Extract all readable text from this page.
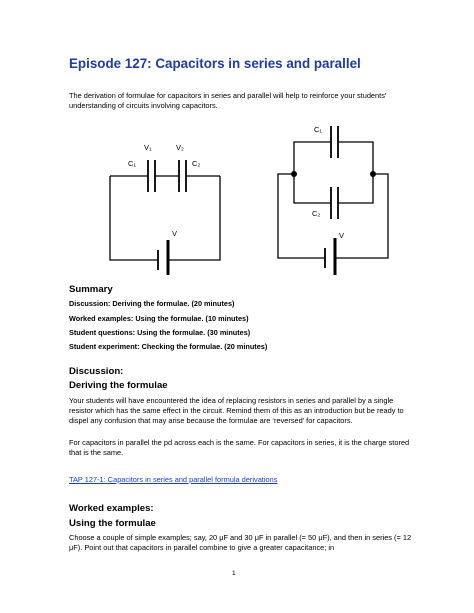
Episode 127: Capacitors in series and parallel
The derivation of formulae for capacitors in series and parallel will help to reinforce your students’ understanding of circuits involving capacitors.
V₁	V₂
C₁	C₂
V
C₁
C₂
V
Summary
Discussion: Deriving the formulae. (20 minutes)
Worked examples: Using the formulae. (10 minutes)
Student questions: Using the formulae. (30 minutes)
Student experiment: Checking the formulae. (20 minutes)
Discussion:
Deriving the formulae
Your students will have encountered the idea of replacing resistors in series and parallel by a single resistor which has the same effect in the circuit. Remind them of this as an introduction but be ready to dispel any confusion that may arise because the formulae are ‘reversed’ for capacitors.
For capacitors in parallel the pd across each is the same. For capacitors in series, it is the charge stored that is the same.
TAP 127-1: Capacitors in series and parallel formula derivations
Worked examples:
Using the formulae
Choose a couple of simple examples; say, 20 μF and 30 μF in parallel (= 50 μF), and then in series (= 12 μF). Point out that capacitors in parallel combine to give a greater capacitance; in
1
